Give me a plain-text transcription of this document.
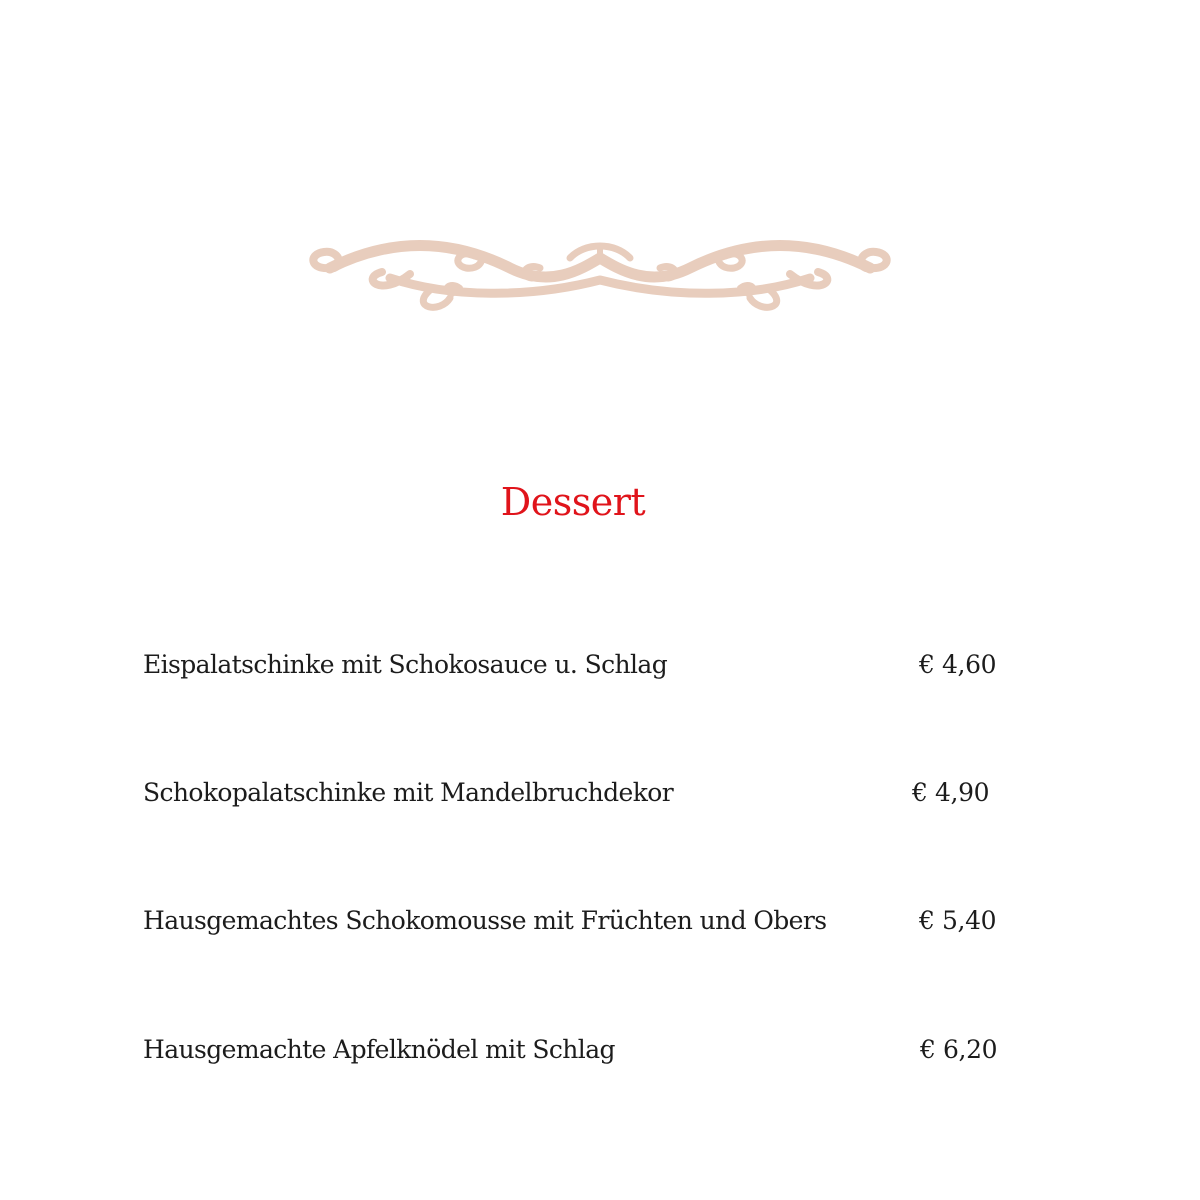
Dessert
Eispalatschinke mit Schokosauce u. Schlag	€ 4,60
Schokopalatschinke mit Mandelbruchdekor	€ 4,90
Hausgemachtes Schokomousse mit Früchten und Obers	€ 5,40
Hausgemachte Apfelknödel mit Schlag	€ 6,20
